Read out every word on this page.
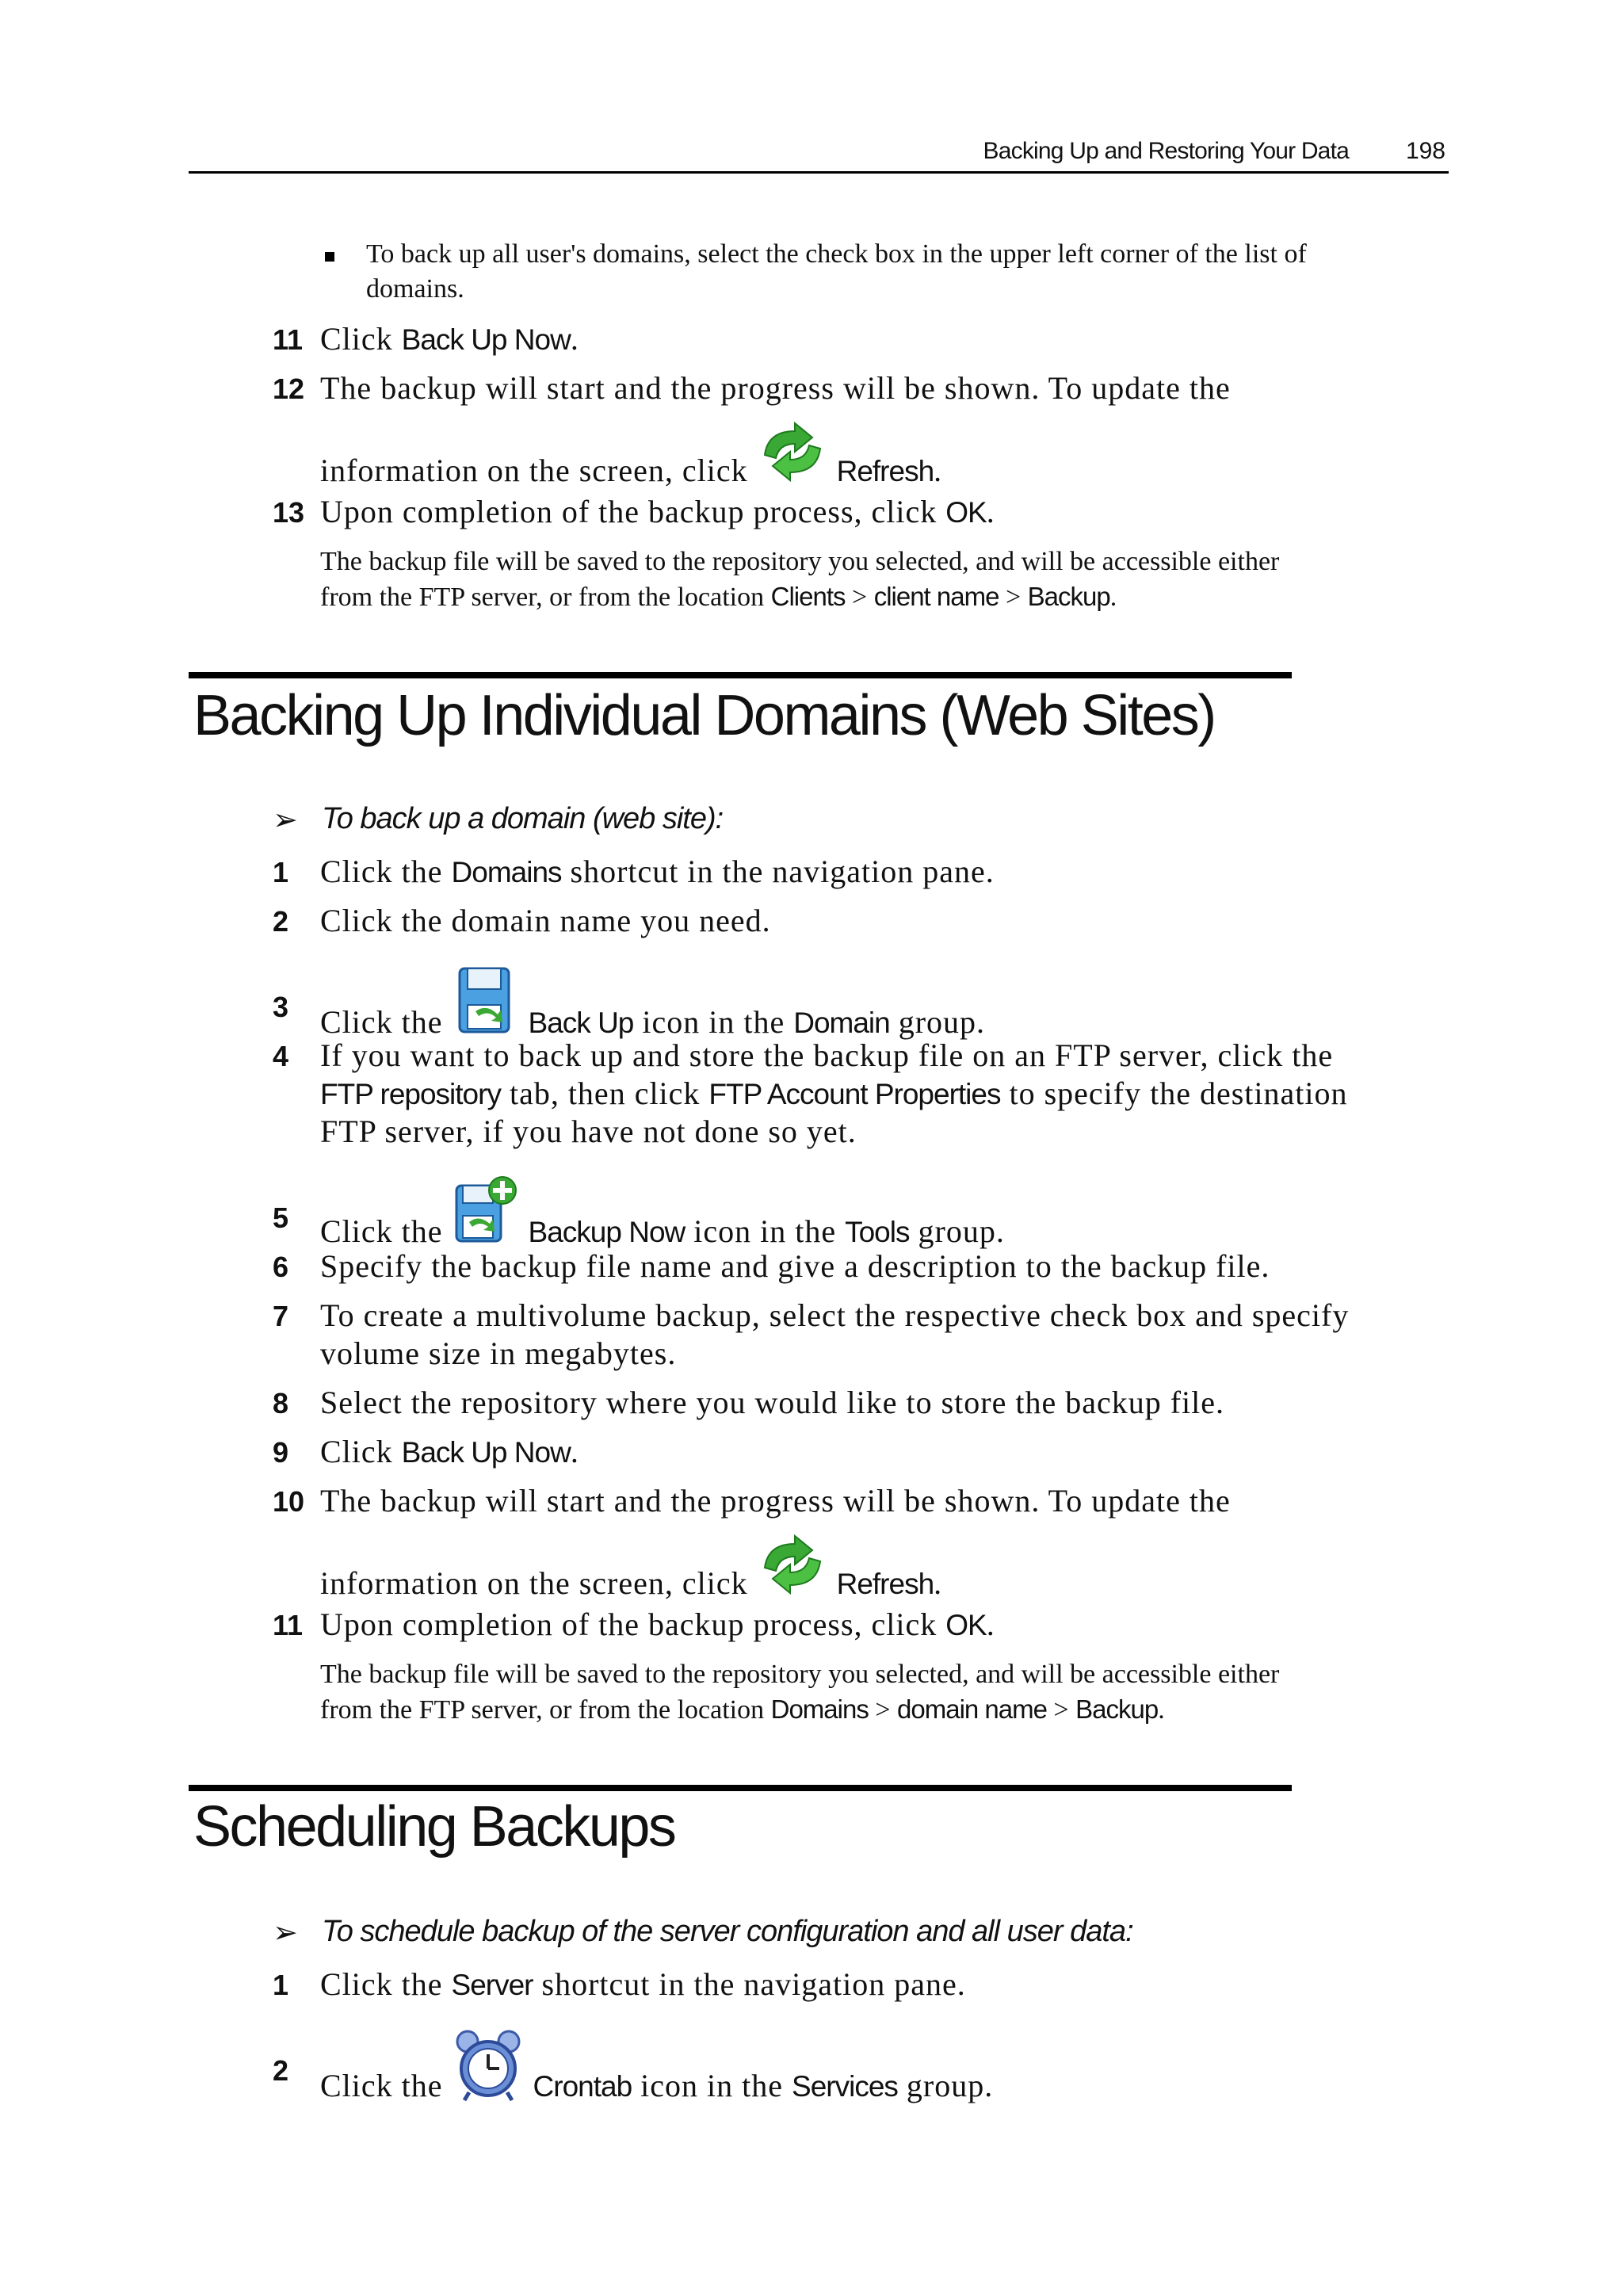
Backing Up and Restoring Your Data 198
To back up all user's domains, select the check box in the upper left corner of the list of
domains.
11 Click Back Up Now.
12 The backup will start and the progress will be shown. To update the
information on the screen, click	Refresh.
13 Upon completion of the backup process, click OK.
The backup file will be saved to the repository you selected, and will be accessible either
from the FTP server, or from the location Clients > client name > Backup.
Backing Up Individual Domains (Web Sites)
➢ To back up a domain (web site):
1 Click the Domains shortcut in the navigation pane.
2 Click the domain name you need.
3 Click the	Back Up icon in the Domain group.
4 If you want to back up and store the backup file on an FTP server, click the
FTP repository tab, then click FTP Account Properties to specify the destination
FTP server, if you have not done so yet.
5 Click the	Backup Now icon in the Tools group.
6 Specify the backup file name and give a description to the backup file.
7 To create a multivolume backup, select the respective check box and specify
volume size in megabytes.
8 Select the repository where you would like to store the backup file.
9 Click Back Up Now.
10 The backup will start and the progress will be shown. To update the
information on the screen, click	Refresh.
11 Upon completion of the backup process, click OK.
The backup file will be saved to the repository you selected, and will be accessible either
from the FTP server, or from the location Domains > domain name > Backup.
Scheduling Backups
➢ To schedule backup of the server configuration and all user data:
1 Click the Server shortcut in the navigation pane.
2 Click the	Crontab icon in the Services group.
